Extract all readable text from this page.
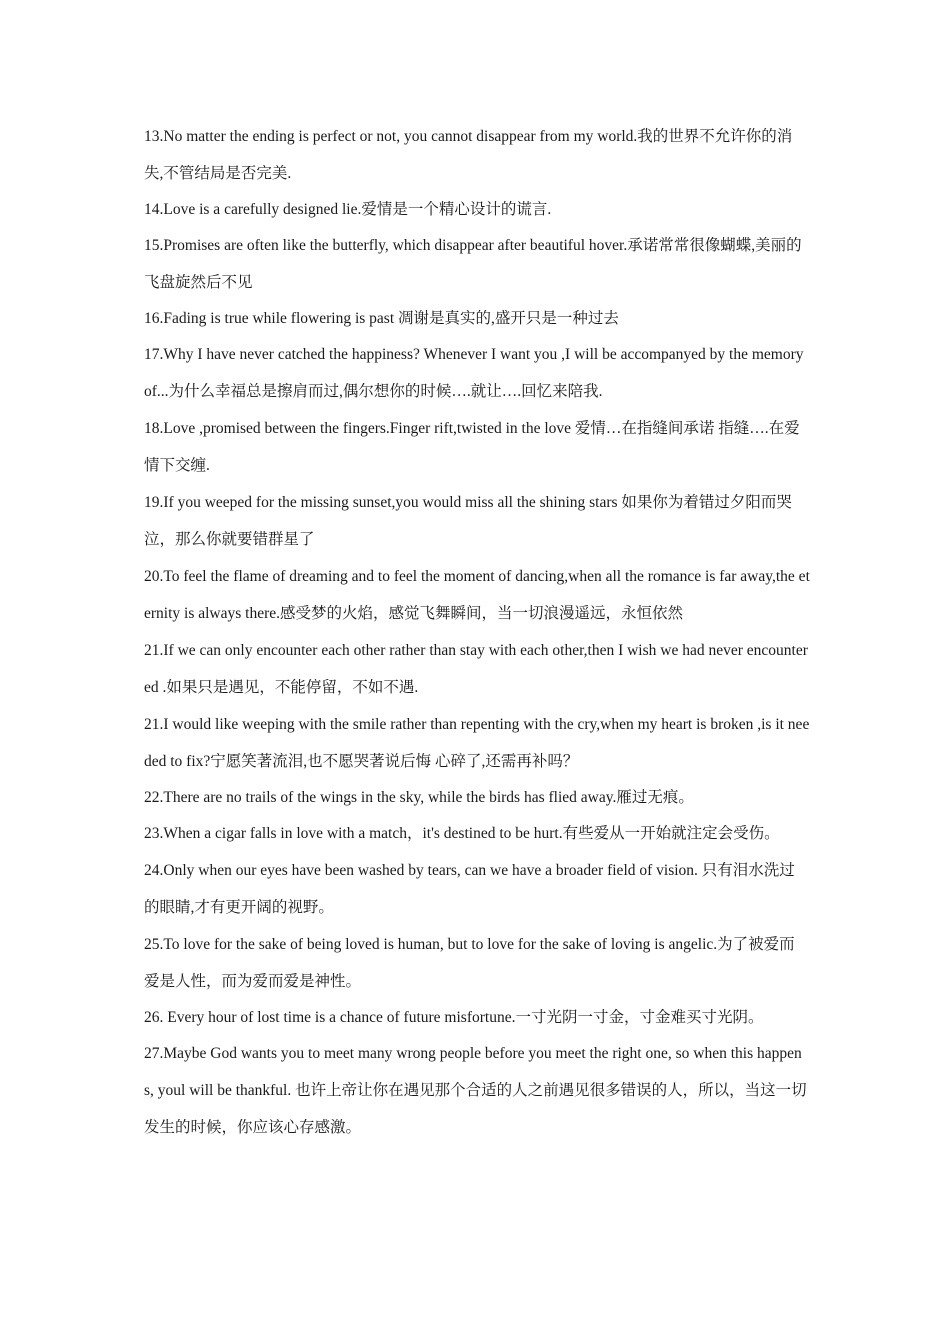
13.No matter the ending is perfect or not, you cannot disappear from my world.我的世界不允许你的消失,不管结局是否完美.

14.Love is a carefully designed lie.爱情是一个精心设计的谎言.

15.Promises are often like the butterfly, which disappear after beautiful hover.承诺常常很像蝴蝶,美丽的飞盘旋然后不见

16.Fading is true while flowering is past 凋谢是真实的,盛开只是一种过去

17.Why I have never catched the happiness? Whenever I want you ,I will be accompanyed by the memory of...为什么幸福总是擦肩而过,偶尔想你的时候….就让….回忆来陪我.

18.Love ,promised between the fingers.Finger rift,twisted in the love 爱情…在指缝间承诺 指缝….在爱情下交缠.

19.If you weeped for the missing sunset,you would miss all the shining stars 如果你为着错过夕阳而哭泣，那么你就要错群星了

20.To feel the flame of dreaming and to feel the moment of dancing,when all the romance is far away,the eternity is always there.感受梦的火焰，感觉飞舞瞬间，当一切浪漫遥远，永恒依然

21.If we can only encounter each other rather than stay with each other,then I wish we had never encountered .如果只是遇见，不能停留，不如不遇.

21.I would like weeping with the smile rather than repenting with the cry,when my heart is broken ,is it needed to fix?宁愿笑著流泪,也不愿哭著说后悔 心碎了,还需再补吗？

22.There are no trails of the wings in the sky, while the birds has flied away.雁过无痕。

23.When a cigar falls in love with a match，it's destined to be hurt.有些爱从一开始就注定会受伤。

24.Only when our eyes have been washed by tears, can we have a broader field of vision. 只有泪水洗过的眼睛,才有更开阔的视野。

25.To love for the sake of being loved is human, but to love for the sake of loving is angelic.为了被爱而爱是人性，而为爱而爱是神性。

26. Every hour of lost time is a chance of future misfortune.一寸光阴一寸金，寸金难买寸光阴。

27.Maybe God wants you to meet many wrong people before you meet the right one, so when this happens, youl will be thankful. 也许上帝让你在遇见那个合适的人之前遇见很多错误的人，所以，当这一切发生的时候，你应该心存感激。
